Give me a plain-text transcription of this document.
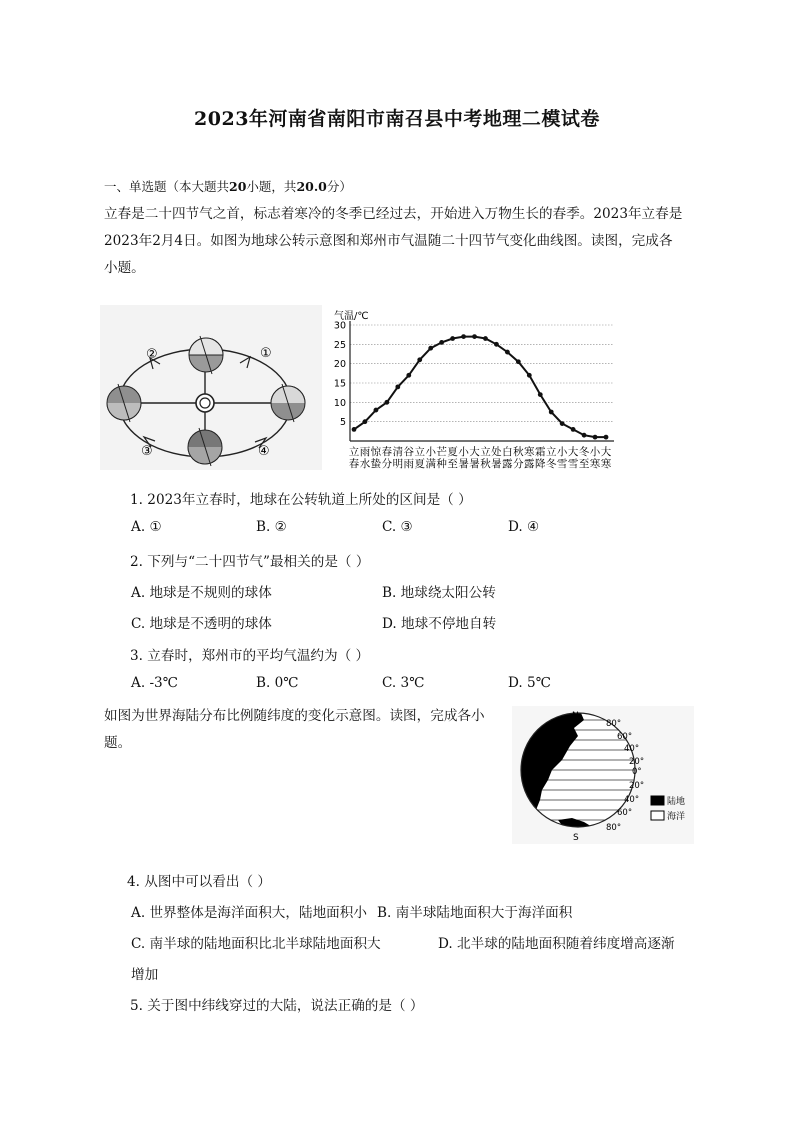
2023年河南省南阳市南召县中考地理二模试卷
一、单选题（本大题共20小题，共20.0分）
立春是二十四节气之首，标志着寒冷的冬季已经过去，开始进入万物生长的春季。2023年立春是
2023年2月4日。如图为地球公转示意图和郑州市气温随二十四节气变化曲线图。读图，完成各
小题。
①
②
③	④
气温/℃
5
10
15
20
25
30
立
春
雨
水
惊
蛰
春
分
清
明
谷
雨
立
夏
小
满
芒
种
夏
至
小
暑
大
暑
立
秋
处
暑
白
露
秋
分
寒
露
霜
降
立
冬
小
雪
大
雪
冬
至
小
寒
大
寒
1. 2023年立春时，地球在公转轨道上所处的区间是（ ）
A. ①	B. ②	C. ③	D. ④
2. 下列与“二十四节气”最相关的是（ ）
A. 地球是不规则的球体	B. 地球绕太阳公转
C. 地球是不透明的球体	D. 地球不停地自转
3. 立春时，郑州市的平均气温约为（ ）
A. -3℃	B. 0℃	C. 3℃	D. 5℃
如图为世界海陆分布比例随纬度的变化示意图。读图，完成各小
题。
N
S
80°
60°
40°
20°
0°
20°
40°
60°
80°
陆地
海洋
4. 从图中可以看出（ ）
A. 世界整体是海洋面积大，陆地面积小 B. 南半球陆地面积大于海洋面积
C. 南半球的陆地面积比北半球陆地面积大	D. 北半球的陆地面积随着纬度增高逐渐
增加
5. 关于图中纬线穿过的大陆，说法正确的是（ ）
